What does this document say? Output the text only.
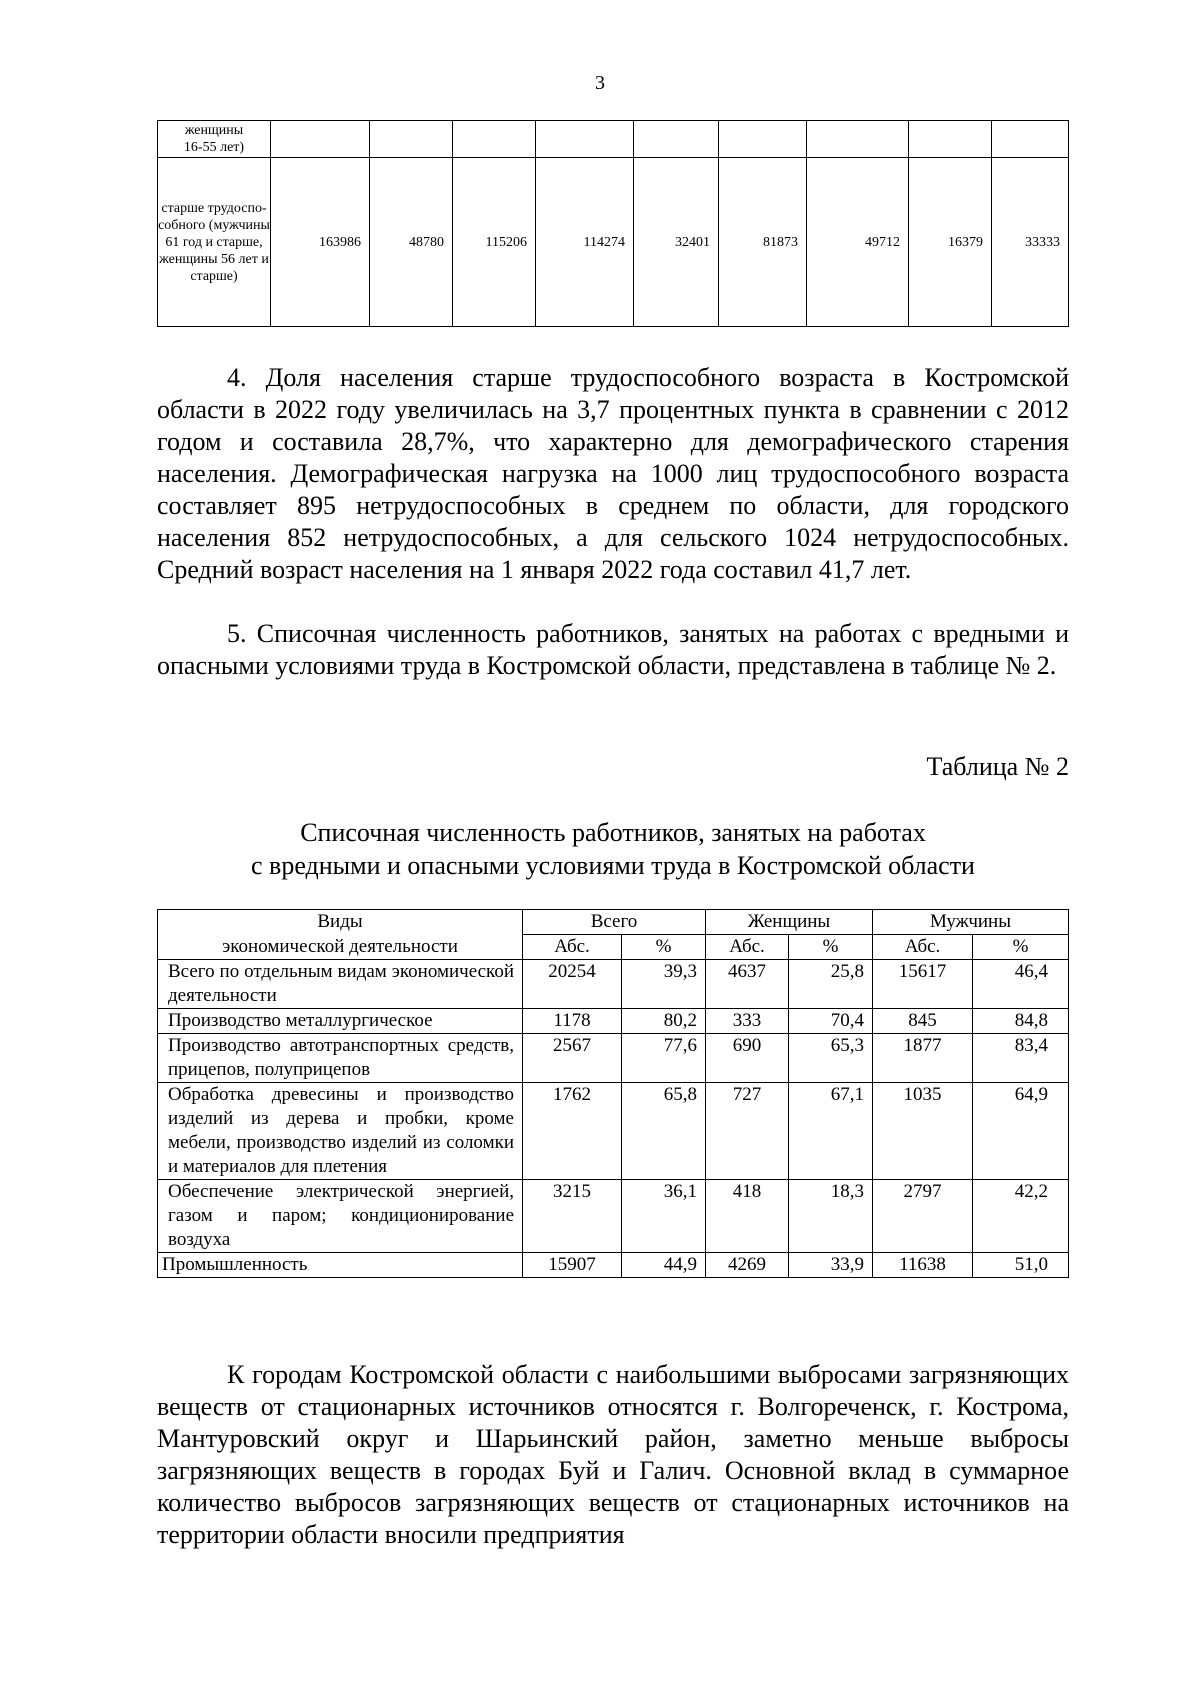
3
женщины
16-55 лет)									
старше трудоспо-собного (мужчины 61 год и старше, женщины 56 лет и старше)	163986	48780	115206	114274	32401	81873	49712	16379	33333

4. Доля населения старше трудоспособного возраста в Костромской области в 2022 году увеличилась на 3,7 процентных пункта в сравнении с 2012 годом и составила 28,7%, что характерно для демографического старения населения. Демографическая нагрузка на 1000 лиц трудоспособного возраста составляет 895 нетрудоспособных в среднем по области, для городского населения 852 нетрудоспособных, а для сельского 1024 нетрудоспособных. Средний возраст населения на 1 января 2022 года составил 41,7 лет.

5. Списочная численность работников, занятых на работах с вредными и опасными условиями труда в Костромской области, представлена в таблице № 2.

Таблица № 2
Списочная численность работников, занятых на работах
с вредными и опасными условиями труда в Костромской области
Виды	Всего		Женщины		Мужчины	
экономической деятельности	Абс.	%	Абс.	%	Абс.	%
Всего по отдельным видам экономической деятельности	20254	39,3	4637	25,8	15617	46,4
Производство металлургическое	1178	80,2	333	70,4	845	84,8
Производство автотранспортных средств, прицепов, полуприцепов	2567	77,6	690	65,3	1877	83,4
Обработка древесины и производство изделий из дерева и пробки, кроме мебели, производство изделий из соломки и материалов для плетения	1762	65,8	727	67,1	1035	64,9
Обеспечение электрической энергией, газом и паром; кондиционирование воздуха	3215	36,1	418	18,3	2797	42,2
Промышленность	15907	44,9	4269	33,9	11638	51,0

К городам Костромской области с наибольшими выбросами загрязняющих веществ от стационарных источников относятся г. Волгореченск, г. Кострома, Мантуровский округ и Шарьинский район, заметно меньше выбросы загрязняющих веществ в городах Буй и Галич. Основной вклад в суммарное количество выбросов загрязняющих веществ от стационарных источников на территории области вносили предприятия
